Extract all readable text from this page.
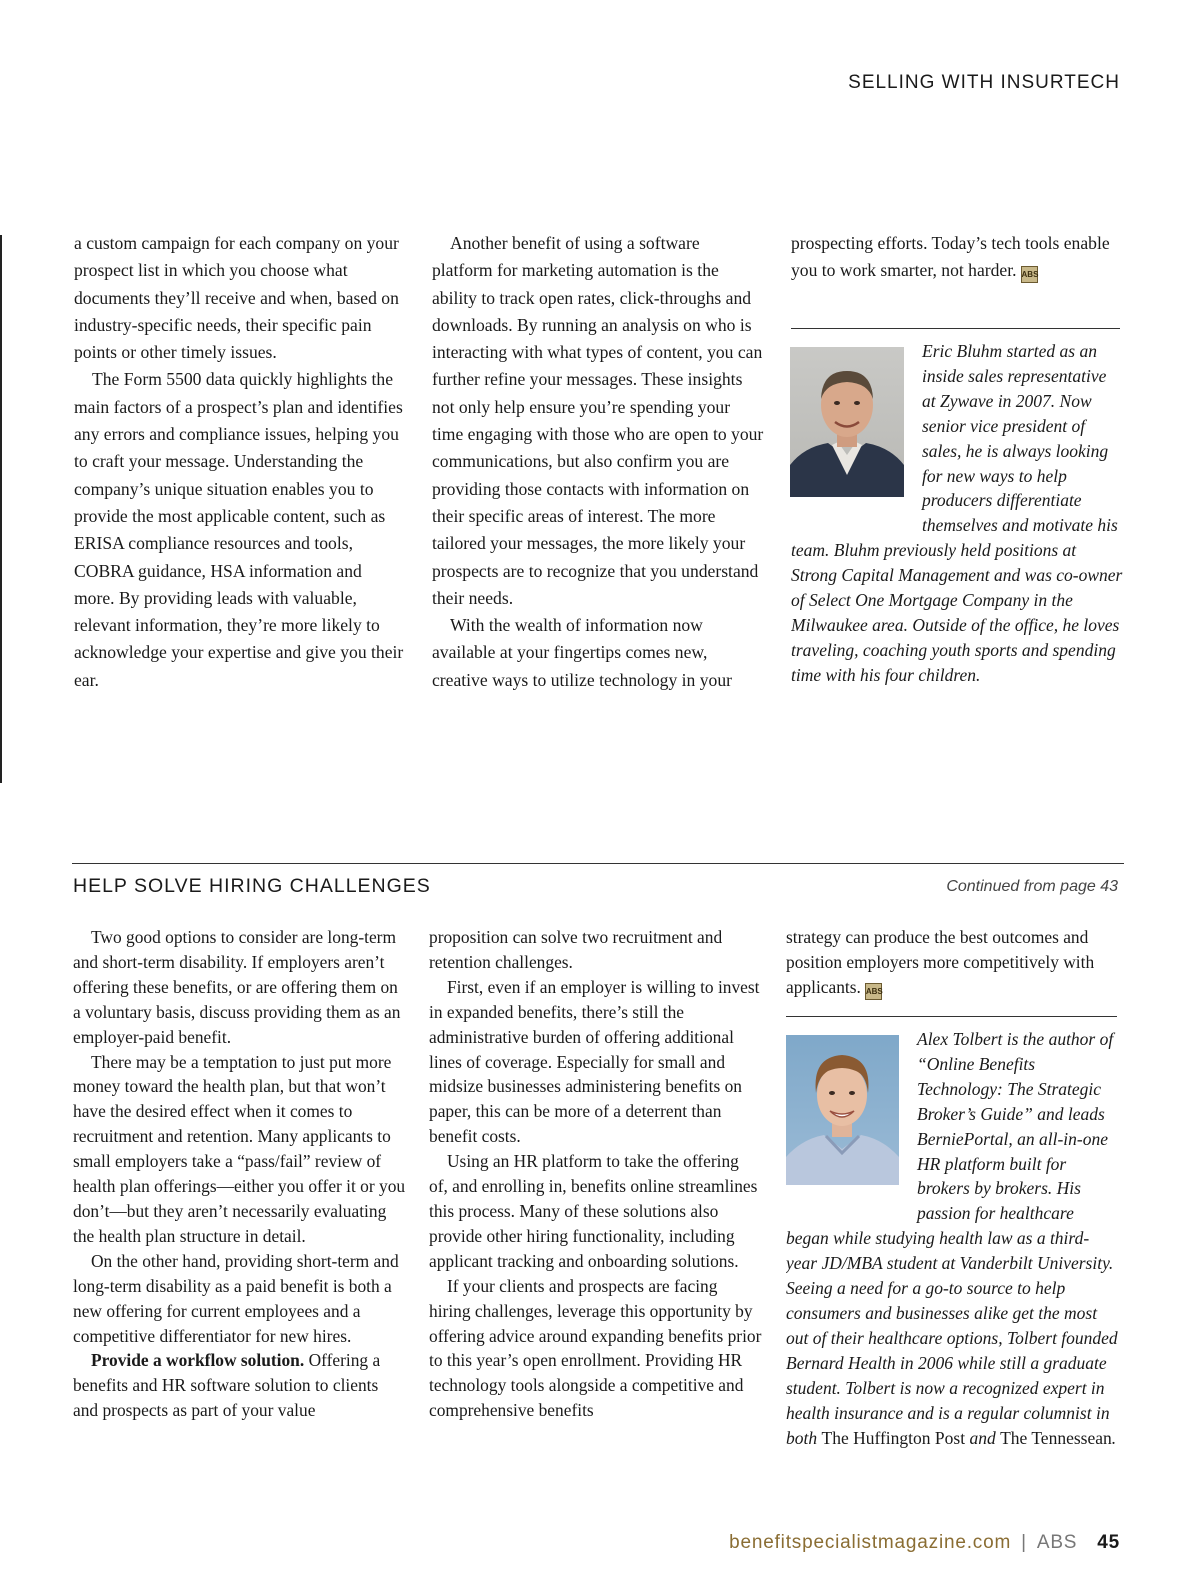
SELLING WITH INSURTECH

a custom campaign for each company on your prospect list in which you choose what documents they’ll receive and when, based on industry-specific needs, their specific pain points or other timely issues.

The Form 5500 data quickly highlights the main factors of a prospect’s plan and identifies any errors and compliance issues, helping you to craft your message. Understanding the company’s unique situation enables you to provide the most applicable content, such as ERISA compliance resources and tools, COBRA guidance, HSA information and more. By providing leads with valuable, relevant information, they’re more likely to acknowledge your expertise and give you their ear.

Another benefit of using a software platform for marketing automation is the ability to track open rates, click-throughs and downloads. By running an analysis on who is interacting with what types of content, you can further refine your messages. These insights not only help ensure you’re spending your time engaging with those who are open to your communications, but also confirm you are providing those contacts with information on their specific areas of interest. The more tailored your messages, the more likely your prospects are to recognize that you understand their needs.

With the wealth of information now available at your fingertips comes new, creative ways to utilize technology in your

prospecting efforts. Today’s tech tools enable you to work smarter, not harder. ABS

Eric Bluhm started as an inside sales representative at Zywave in 2007. Now senior vice president of sales, he is always looking for new ways to help producers differentiate themselves and motivate his team. Bluhm previously held positions at Strong Capital Management and was co-owner of Select One Mortgage Company in the Milwaukee area. Outside of the office, he loves traveling, coaching youth sports and spending time with his four children.
HELP SOLVE HIRING CHALLENGES	Continued from page 43

Two good options to consider are long-term and short-term disability. If employers aren’t offering these benefits, or are offering them on a voluntary basis, discuss providing them as an employer-paid benefit.

There may be a temptation to just put more money toward the health plan, but that won’t have the desired effect when it comes to recruitment and retention. Many applicants to small employers take a “pass/fail” review of health plan offerings—either you offer it or you don’t—but they aren’t necessarily evaluating the health plan structure in detail.

On the other hand, providing short-term and long-term disability as a paid benefit is both a new offering for current employees and a competitive differentiator for new hires.

Provide a workflow solution. Offering a benefits and HR software solution to clients and prospects as part of your value

proposition can solve two recruitment and retention challenges.

First, even if an employer is willing to invest in expanded benefits, there’s still the administrative burden of offering additional lines of coverage. Especially for small and midsize businesses administering benefits on paper, this can be more of a deterrent than benefit costs.

Using an HR platform to take the offering of, and enrolling in, benefits online streamlines this process. Many of these solutions also provide other hiring functionality, including applicant tracking and onboarding solutions.

If your clients and prospects are facing hiring challenges, leverage this opportunity by offering advice around expanding benefits prior to this year’s open enrollment. Providing HR technology tools alongside a competitive and comprehensive benefits

strategy can produce the best outcomes and position employers more competitively with applicants. ABS

Alex Tolbert is the author of “Online Benefits Technology: The Strategic Broker’s Guide” and leads BerniePortal, an all-in-one HR platform built for brokers by brokers. His passion for healthcare began while studying health law as a third-year JD/MBA student at Vanderbilt University. Seeing a need for a go-to source to help consumers and businesses alike get the most out of their healthcare options, Tolbert founded Bernard Health in 2006 while still a graduate student. Tolbert is now a recognized expert in health insurance and is a regular columnist in both The Huffington Post and The Tennessean.
benefitspecialistmagazine.com | ABS 45
